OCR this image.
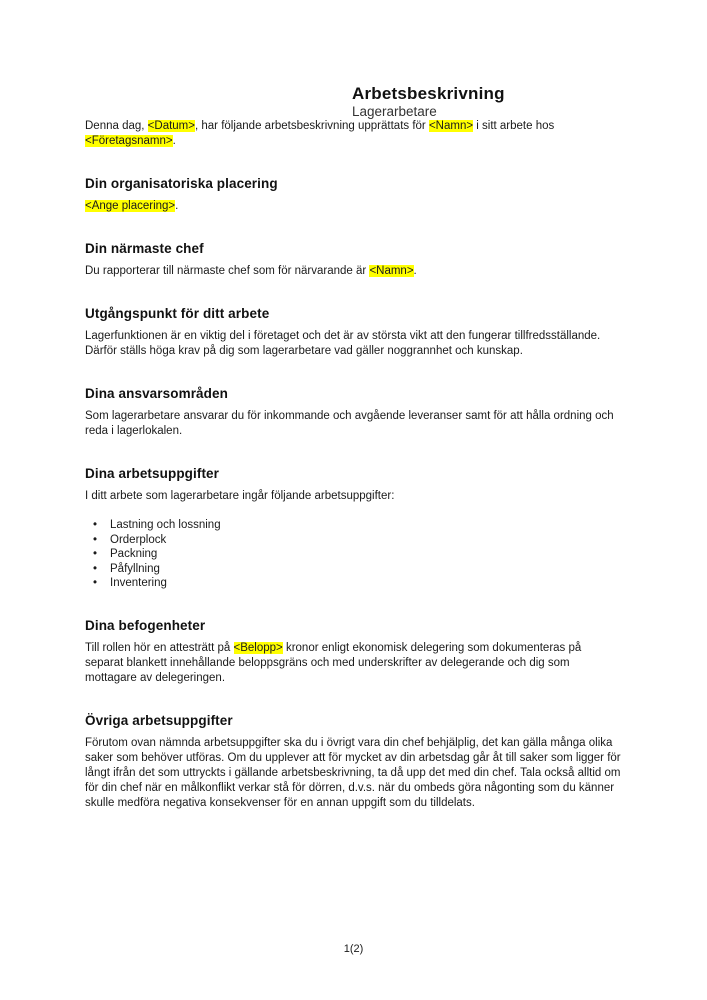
Arbetsbeskrivning
Lagerarbetare

Denna dag, <Datum>, har följande arbetsbeskrivning upprättats för <Namn> i sitt arbete hos <Företagsnamn>.

Din organisatoriska placering

<Ange placering>.

Din närmaste chef

Du rapporterar till närmaste chef som för närvarande är <Namn>.

Utgångspunkt för ditt arbete

Lagerfunktionen är en viktig del i företaget och det är av största vikt att den fungerar tillfredsställande. Därför ställs höga krav på dig som lagerarbetare vad gäller noggrannhet och kunskap.

Dina ansvarsområden

Som lagerarbetare ansvarar du för inkommande och avgående leveranser samt för att hålla ordning och reda i lagerlokalen.

Dina arbetsuppgifter

I ditt arbete som lagerarbetare ingår följande arbetsuppgifter:

• Lastning och lossning
• Orderplock
• Packning
• Påfyllning
• Inventering
Dina befogenheter

Till rollen hör en attesträtt på <Belopp> kronor enligt ekonomisk delegering som dokumenteras på separat blankett innehållande beloppsgräns och med underskrifter av delegerande och dig som mottagare av delegeringen.

Övriga arbetsuppgifter

Förutom ovan nämnda arbetsuppgifter ska du i övrigt vara din chef behjälplig, det kan gälla många olika saker som behöver utföras. Om du upplever att för mycket av din arbetsdag går åt till saker som ligger för långt ifrån det som uttryckts i gällande arbetsbeskrivning, ta då upp det med din chef. Tala också alltid om för din chef när en målkonflikt verkar stå för dörren, d.v.s. när du ombeds göra någonting som du känner skulle medföra negativa konsekvenser för en annan uppgift som du tilldelats.

1(2)
